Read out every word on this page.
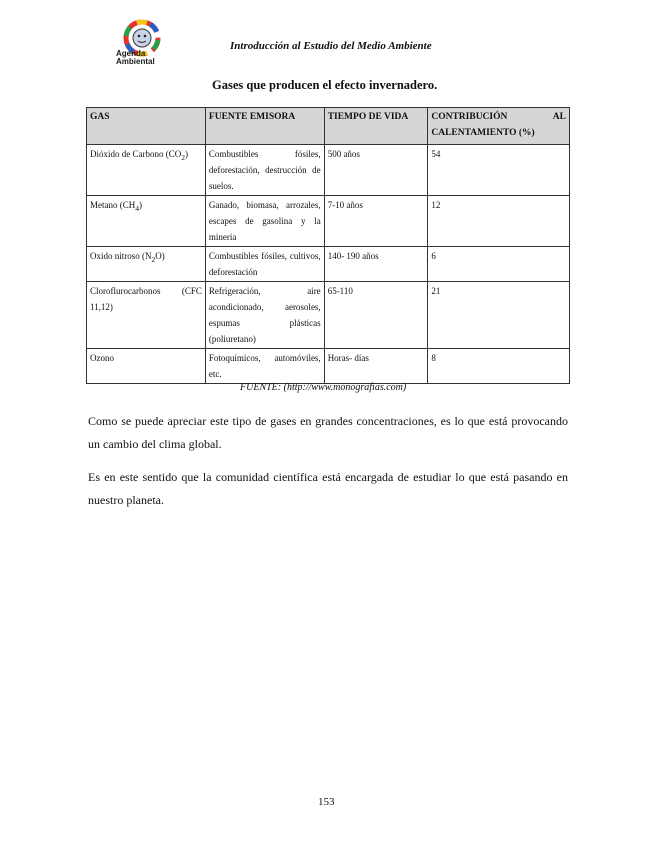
Agenda
Ambiental
Introducción al Estudio del Medio Ambiente
Gases que producen el efecto invernadero.
GAS	FUENTE EMISORA	TIEMPO DE VIDA	CONTRIBUCIÓN AL
CALENTAMIENTO (%)

Dióxido de Carbono $(CO_2)$	Combustibles fósiles, deforestación, destrucción de suelos.	500 años	54
Metano $(CH_4)$	Ganado, biomasa, arrozales, escapes de gasolina y la minería	7-10 años	12
Oxido nitroso $(N_2O)$	Combustibles fósiles, cultivos, deforestación	140- 190 años	6
Cloroflurocarbonos (CFC 11,12)	Refrigeración, aire acondicionado, aerosoles, espumas plásticas (poliuretano)	65-110	21
Ozono	Fotoquímicos, automóviles, etc.	Horas- días	8
FUENTE: (http://www.monografias.com)

Como se puede apreciar este tipo de gases en grandes concentraciones, es lo que está provocando un cambio del clima global.

Es en este sentido que la comunidad científica está encargada de estudiar lo que está pasando en nuestro planeta.

153
